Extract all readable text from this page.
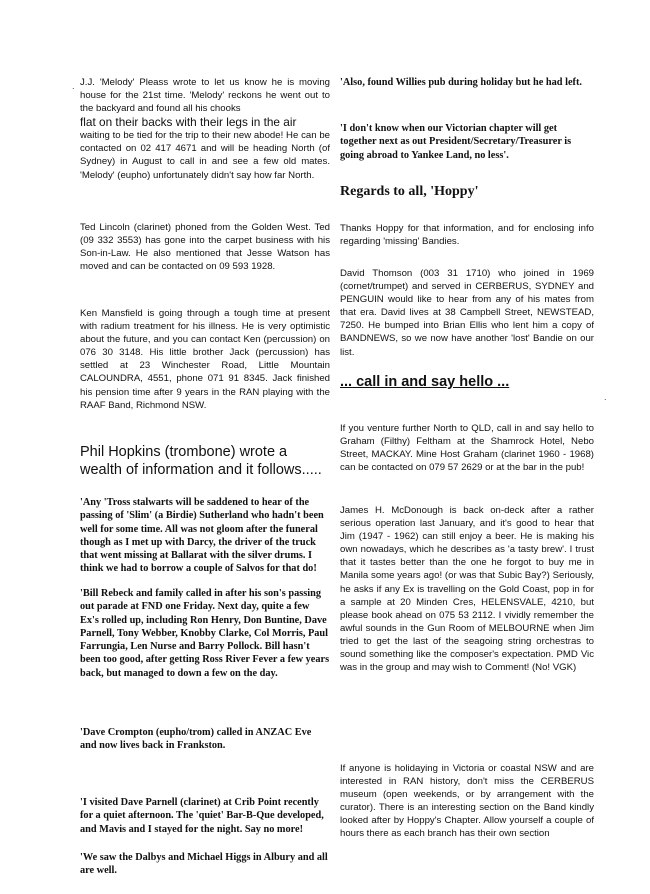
.
.

J.J. 'Melody' Pleass wrote to let us know he is moving house for the 21st time. 'Melody' reckons he went out to the backyard and found all his chooks

flat on their backs with their legs in the air

waiting to be tied for the trip to their new abode! He can be contacted on 02 417 4671 and will be heading North (of Sydney) in August to call in and see a few old mates. 'Melody' (eupho) unfortunately didn't say how far North.

Ted Lincoln (clarinet) phoned from the Golden West. Ted (09 332 3553) has gone into the carpet business with his Son-in-Law. He also mentioned that Jesse Watson has moved and can be contacted on 09 593 1928.

Ken Mansfield is going through a tough time at present with radium treatment for his illness. He is very optimistic about the future, and you can contact Ken (percussion) on 076 30 3148. His little brother Jack (percussion) has settled at 23 Winchester Road, Little Mountain CALOUNDRA, 4551, phone 071 91 8345. Jack finished his pension time after 9 years in the RAN playing with the RAAF Band, Richmond NSW.

Phil Hopkins (trombone) wrote a wealth of information and it follows.....

'Any 'Tross stalwarts will be saddened to hear of the passing of 'Slim' (a Birdie) Sutherland who hadn't been well for some time. All was not gloom after the funeral though as I met up with Darcy, the driver of the truck that went missing at Ballarat with the silver drums. I think we had to borrow a couple of Salvos for that do!

'Bill Rebeck and family called in after his son's passing out parade at FND one Friday. Next day, quite a few Ex's rolled up, including Ron Henry, Don Buntine, Dave Parnell, Tony Webber, Knobby Clarke, Col Morris, Paul Farrungia, Len Nurse and Barry Pollock. Bill hasn't been too good, after getting Ross River Fever a few years back, but managed to down a few on the day.

'Dave Crompton (eupho/trom) called in ANZAC Eve and now lives back in Frankston.

'I visited Dave Parnell (clarinet) at Crib Point recently for a quiet afternoon. The 'quiet' Bar-B-Que developed, and Mavis and I stayed for the night. Say no more!

'We saw the Dalbys and Michael Higgs in Albury and all are well.

'Also, found Willies pub during holiday but he had left.

'I don't know when our Victorian chapter will get together next as out President/Secretary/Treasurer is going abroad to Yankee Land, no less'.

Regards to all, 'Hoppy'

Thanks Hoppy for that information, and for enclosing info regarding 'missing' Bandies.

David Thomson (003 31 1710) who joined in 1969 (cornet/trumpet) and served in CERBERUS, SYDNEY and PENGUIN would like to hear from any of his mates from that era. David lives at 38 Campbell Street, NEWSTEAD, 7250. He bumped into Brian Ellis who lent him a copy of BANDNEWS, so we now have another 'lost' Bandie on our list.

... call in and say hello ...

If you venture further North to QLD, call in and say hello to Graham (Filthy) Feltham at the Shamrock Hotel, Nebo Street, MACKAY. Mine Host Graham (clarinet 1960 - 1968) can be contacted on 079 57 2629 or at the bar in the pub!

James H. McDonough is back on-deck after a rather serious operation last January, and it's good to hear that Jim (1947 - 1962) can still enjoy a beer. He is making his own nowadays, which he describes as 'a tasty brew'. I trust that it tastes better than the one he forgot to buy me in Manila some years ago! (or was that Subic Bay?) Seriously, he asks if any Ex is travelling on the Gold Coast, pop in for a sample at 20 Minden Cres, HELENSVALE, 4210, but please book ahead on 075 53 2112. I vividly remember the awful sounds in the Gun Room of MELBOURNE when Jim tried to get the last of the seagoing string orchestras to sound something like the composer's expectation. PMD Vic was in the group and may wish to Comment! (No! VGK)

If anyone is holidaying in Victoria or coastal NSW and are interested in RAN history, don't miss the CERBERUS museum (open weekends, or by arrangement with the curator). There is an interesting section on the Band kindly looked after by Hoppy's Chapter. Allow yourself a couple of hours there as each branch has their own section
